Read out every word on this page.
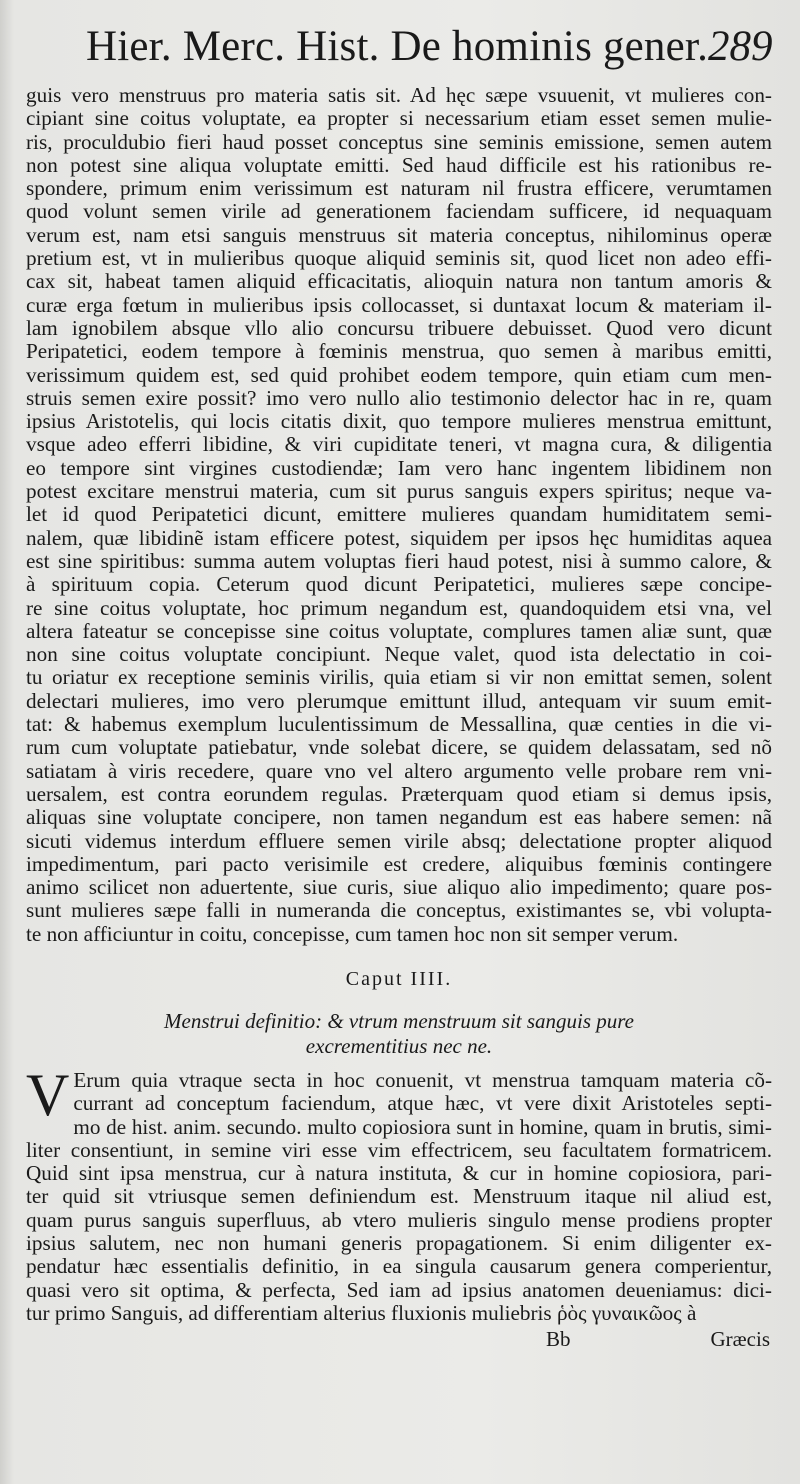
Hier. Merc. Hist. De hominis gener. 289
guis vero menstruus pro materia satis sit. Ad hęc sæpe vsuuenit, vt mulieres con-
cipiant sine coitus voluptate, ea propter si necessarium etiam esset semen mulie-
ris, proculdubio fieri haud posset conceptus sine seminis emissione, semen autem
non potest sine aliqua voluptate emitti. Sed haud difficile est his rationibus re-
spondere, primum enim verissimum est naturam nil frustra efficere, verumtamen
quod volunt semen virile ad generationem faciendam sufficere, id nequaquam
verum est, nam etsi sanguis menstruus sit materia conceptus, nihilominus operæ
pretium est, vt in mulieribus quoque aliquid seminis sit, quod licet non adeo effi-
cax sit, habeat tamen aliquid efficacitatis, alioquin natura non tantum amoris &
curæ erga fœtum in mulieribus ipsis collocasset, si duntaxat locum & materiam il-
lam ignobilem absque vllo alio concursu tribuere debuisset. Quod vero dicunt
Peripatetici, eodem tempore à fœminis menstrua, quo semen à maribus emitti,
verissimum quidem est, sed quid prohibet eodem tempore, quin etiam cum men-
struis semen exire possit? imo vero nullo alio testimonio delector hac in re, quam
ipsius Aristotelis, qui locis citatis dixit, quo tempore mulieres menstrua emittunt,
vsque adeo efferri libidine, & viri cupiditate teneri, vt magna cura, & diligentia
eo tempore sint virgines custodiendæ; Iam vero hanc ingentem libidinem non
potest excitare menstrui materia, cum sit purus sanguis expers spiritus; neque va-
let id quod Peripatetici dicunt, emittere mulieres quandam humiditatem semi-
nalem, quæ libidinẽ istam efficere potest, siquidem per ipsos hęc humiditas aquea
est sine spiritibus: summa autem voluptas fieri haud potest, nisi à summo calore, &
à spirituum copia. Ceterum quod dicunt Peripatetici, mulieres sæpe concipe-
re sine coitus voluptate, hoc primum negandum est, quandoquidem etsi vna, vel
altera fateatur se concepisse sine coitus voluptate, complures tamen aliæ sunt, quæ
non sine coitus voluptate concipiunt. Neque valet, quod ista delectatio in coi-
tu oriatur ex receptione seminis virilis, quia etiam si vir non emittat semen, solent
delectari mulieres, imo vero plerumque emittunt illud, antequam vir suum emit-
tat: & habemus exemplum luculentissimum de Messallina, quæ centies in die vi-
rum cum voluptate patiebatur, vnde solebat dicere, se quidem delassatam, sed nõ
satiatam à viris recedere, quare vno vel altero argumento velle probare rem vni-
uersalem, est contra eorundem regulas. Præterquam quod etiam si demus ipsis,
aliquas sine voluptate concipere, non tamen negandum est eas habere semen: nã
sicuti videmus interdum effluere semen virile absq; delectatione propter aliquod
impedimentum, pari pacto verisimile est credere, aliquibus fœminis contingere
animo scilicet non aduertente, siue curis, siue aliquo alio impedimento; quare pos-
sunt mulieres sæpe falli in numeranda die conceptus, existimantes se, vbi volupta-
te non afficiuntur in coitu, concepisse, cum tamen hoc non sit semper verum.
Caput IIII.
Menstrui definitio: & vtrum menstruum sit sanguis pure
excrementitius nec ne.
V Erum quia vtraque secta in hoc conuenit, vt menstrua tamquam materia cõ-
currant ad conceptum faciendum, atque hæc, vt vere dixit Aristoteles septi-
mo de hist. anim. secundo. multo copiosiora sunt in homine, quam in brutis, simi-
liter consentiunt, in semine viri esse vim effectricem, seu facultatem formatricem.
Quid sint ipsa menstrua, cur à natura instituta, & cur in homine copiosiora, pari-
ter quid sit vtriusque semen definiendum est. Menstruum itaque nil aliud est,
quam purus sanguis superfluus, ab vtero mulieris singulo mense prodiens propter
ipsius salutem, nec non humani generis propagationem. Si enim diligenter ex-
pendatur hæc essentialis definitio, in ea singula causarum genera comperientur,
quasi vero sit optima, & perfecta, Sed iam ad ipsius anatomen deueniamus: dici-
tur primo Sanguis, ad differentiam alterius fluxionis muliebris ῥὸς γυναικῶος à
Bb	Græcis
